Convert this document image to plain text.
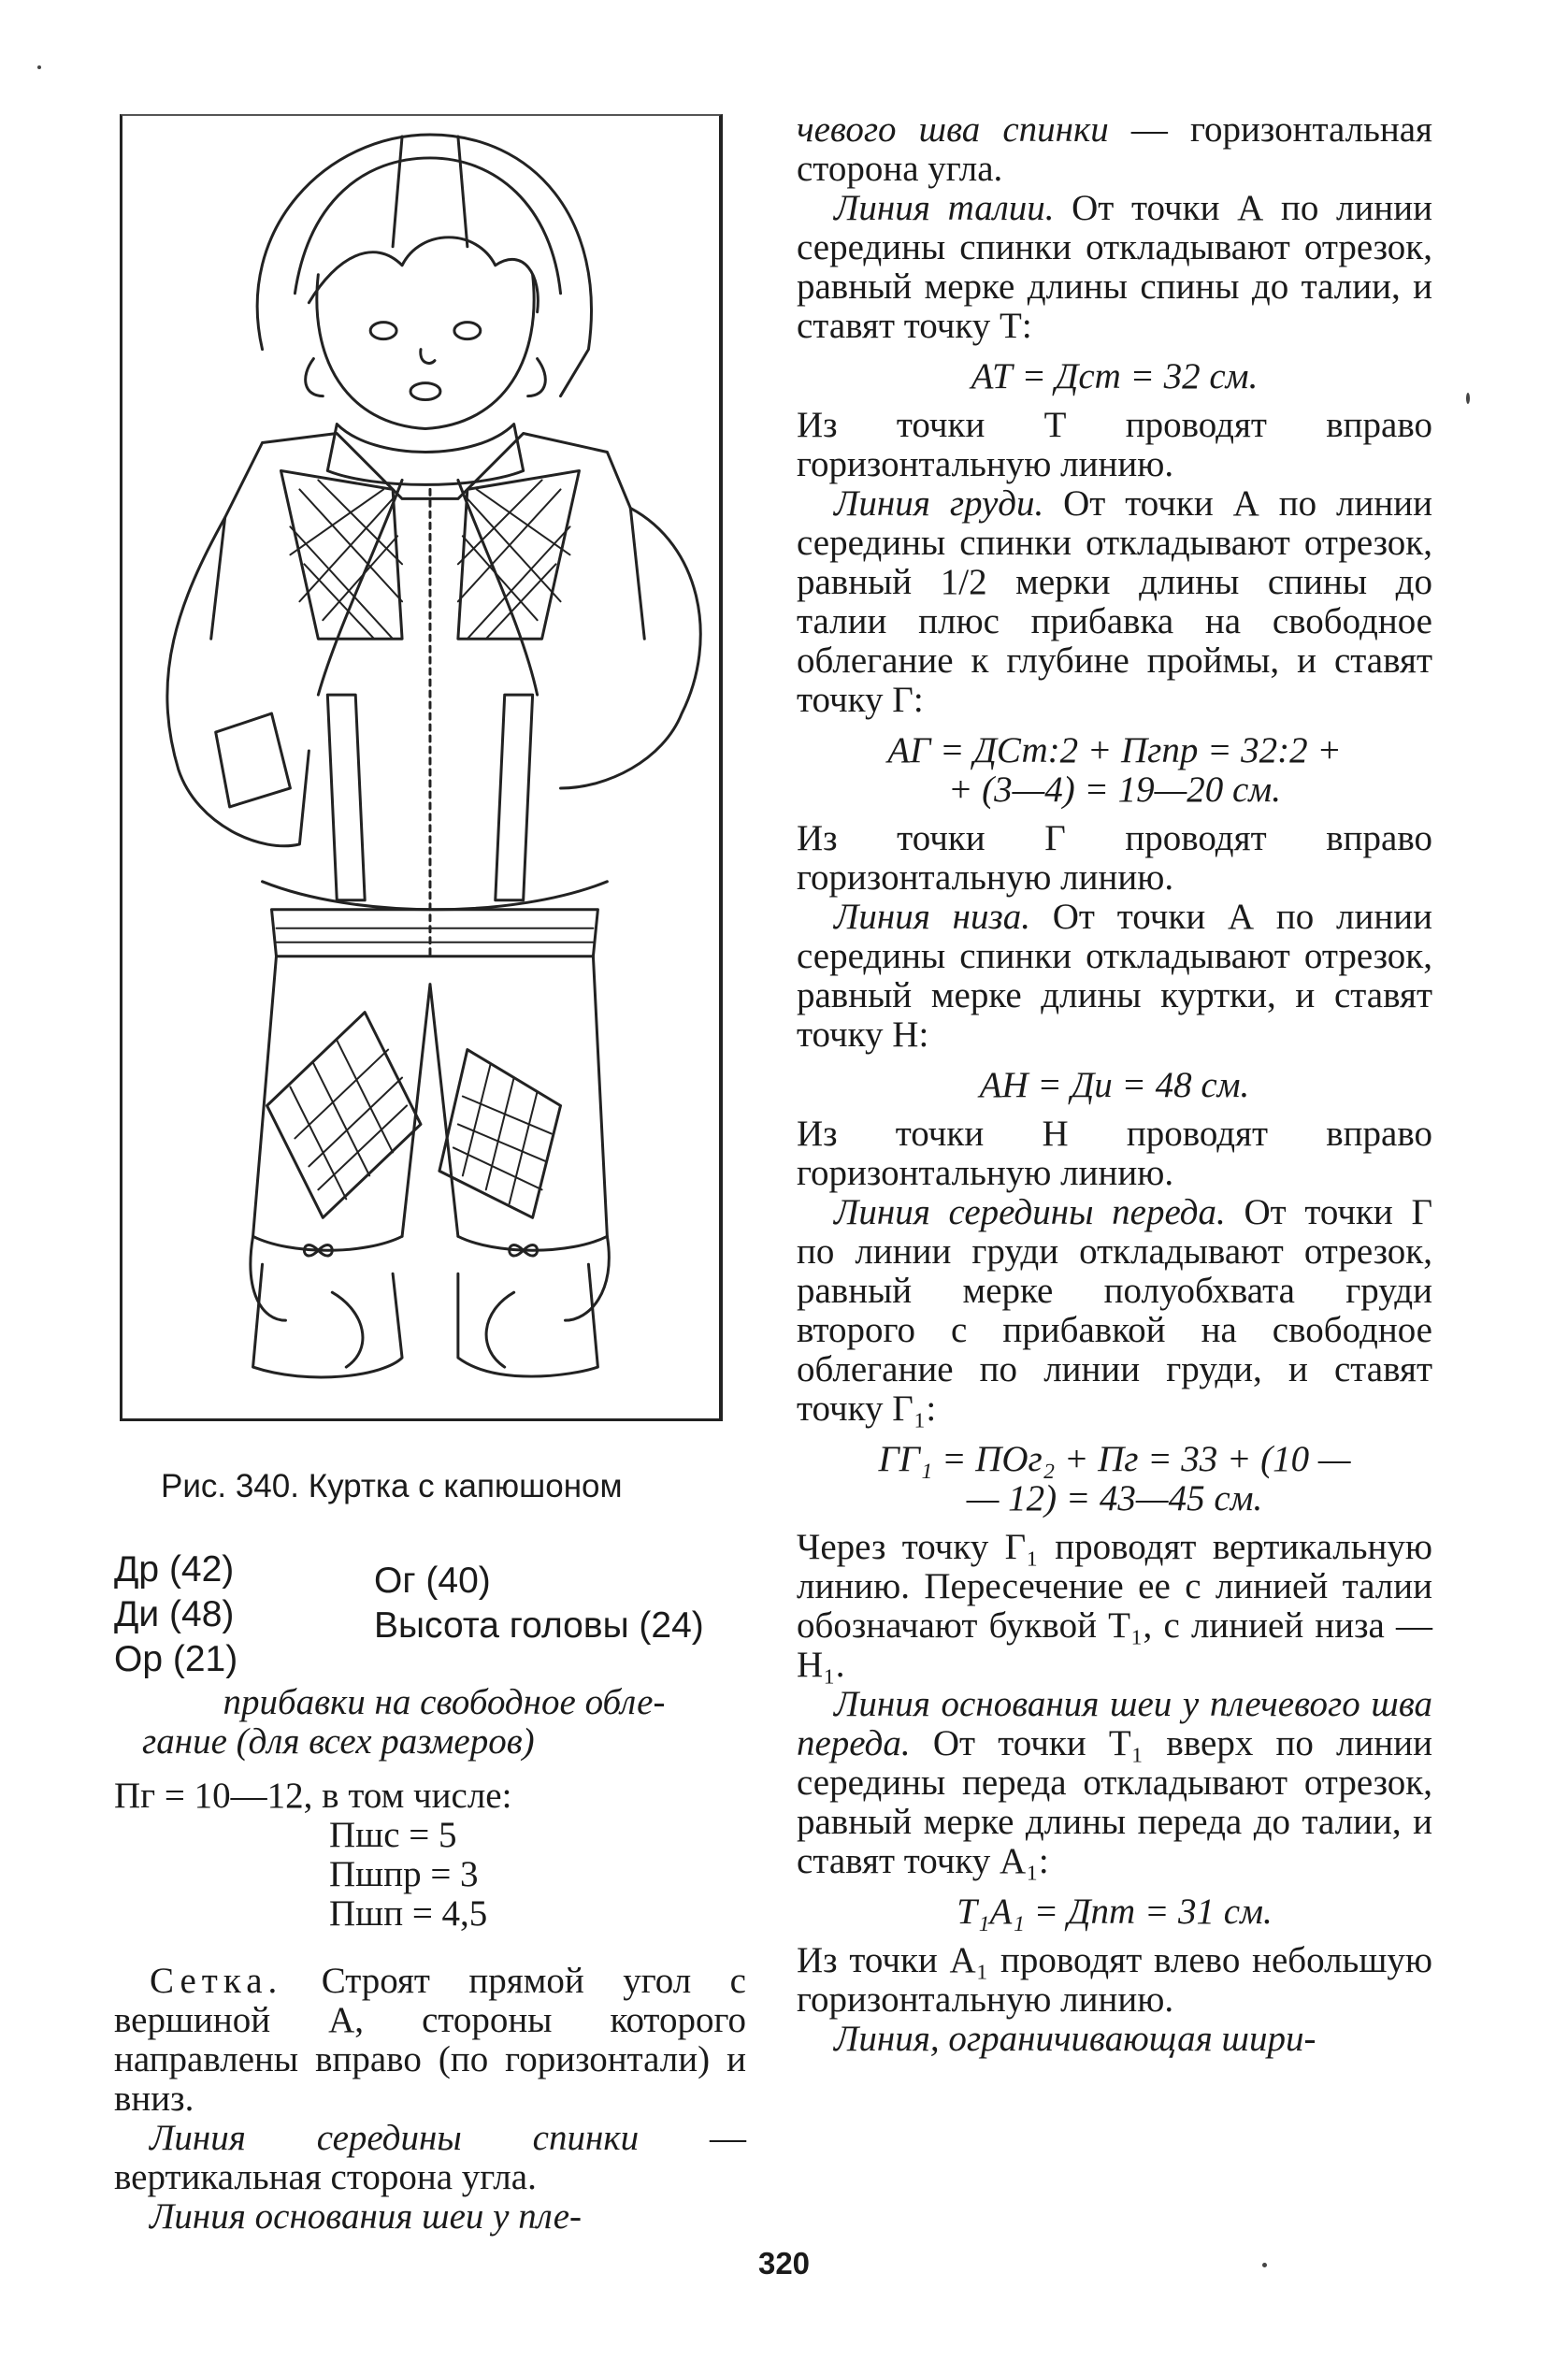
Рис. 340. Куртка с капюшоном
Др (42)
Ди (48)
Ор (21)
Ог (40)
Высота головы (24)

прибавки на свободное обле-

гание (для всех размеров)

Пг = 10—12, в том числе:

Пшс = 5

Пшпр = 3

Пшп = 4,5

Сетка. Строят прямой угол с вершиной А, стороны которого направлены вправо (по горизонтали) и вниз.

Линия середины спинки — вертикальная сторона угла.

Линия основания шеи у пле-

чевого шва спинки — горизонтальная сторона угла.

Линия талии. От точки А по линии середины спинки откладывают отрезок, равный мерке длины спины до талии, и ставят точку Т:

АТ = Дст = 32 см.

Из точки Т проводят вправо горизонтальную линию.

Линия груди. От точки А по линии середины спинки откладывают отрезок, равный 1/2 мерки длины спины до талии плюс прибавка на свободное облегание к глубине проймы, и ставят точку Г:

АГ = ДСт:2 + Пгпр = 32:2 +

+ (3—4) = 19—20 см.

Из точки Г проводят вправо горизонтальную линию.

Линия низа. От точки А по линии середины спинки откладывают отрезок, равный мерке длины куртки, и ставят точку Н:

АН = Ди = 48 см.

Из точки Н проводят вправо горизонтальную линию.

Линия середины переда. От точки Г по линии груди откладывают отрезок, равный мерке полуобхвата груди второго с прибавкой на свободное облегание по линии груди, и ставят точку Г₁:

ГГ₁ = ПОг₂ + Пг = 33 + (10 —

— 12) = 43—45 см.

Через точку Г₁ проводят вертикальную линию. Пересечение ее с линией талии обозначают буквой Т₁, с линией низа — Н₁.

Линия основания шеи у плечевого шва переда. От точки Т₁ вверх по линии середины переда откладывают отрезок, равный мерке длины переда до талии, и ставят точку А₁:

Т₁А₁ = Дпт = 31 см.

Из точки А₁ проводят влево небольшую горизонтальную линию.

Линия, ограничивающая шири-

320
